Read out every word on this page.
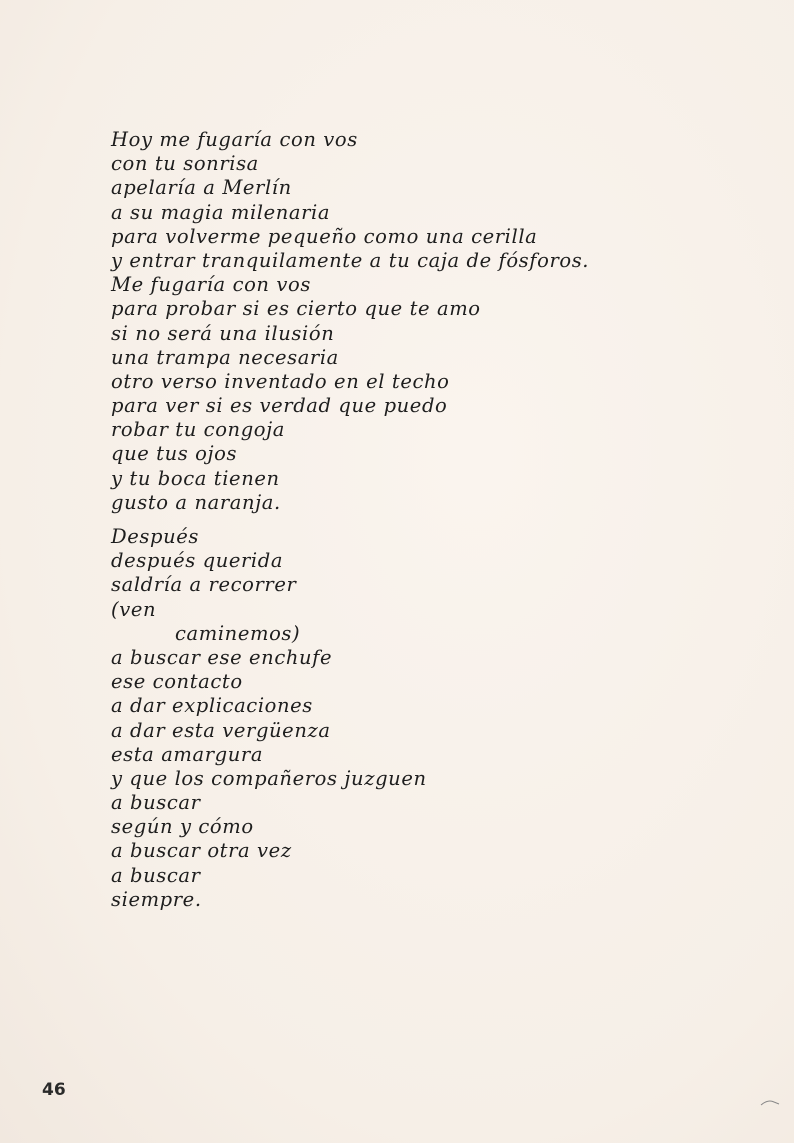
Hoy me fugaría con vos
con tu sonrisa
apelaría a Merlín
a su magia milenaria
para volverme pequeño como una cerilla
y entrar tranquilamente a tu caja de fósforos.
Me fugaría con vos
para probar si es cierto que te amo
si no será una ilusión
una trampa necesaria
otro verso inventado en el techo
para ver si es verdad que puedo
robar tu congoja
que tus ojos
y tu boca tienen
gusto a naranja.
Después
después querida
saldría a recorrer
(ven
caminemos)
a buscar ese enchufe
ese contacto
a dar explicaciones
a dar esta vergüenza
esta amargura
y que los compañeros juzguen
a buscar
según y cómo
a buscar otra vez
a buscar
siempre.
46
